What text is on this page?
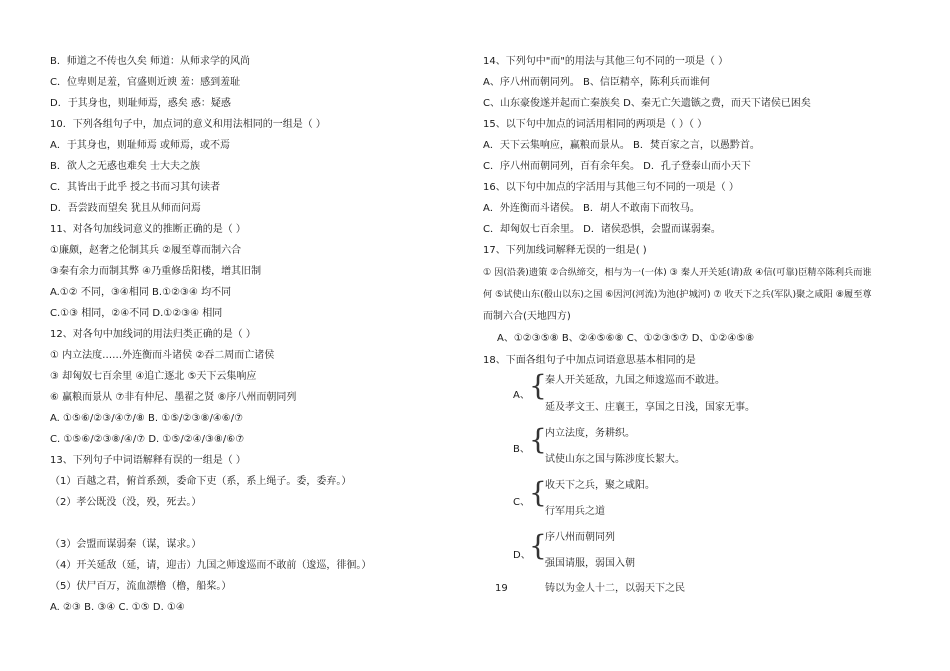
B．师道之不传也久矣 师道：从师求学的风尚
C．位卑则足羞，官盛则近谀 羞：感到羞耻
D．于其身也，则耻师焉，惑矣 惑：疑惑
10．下列各组句子中，加点词的意义和用法相同的一组是（ ）
A．于其身也，则耻师焉 或师焉，或不焉
B．欲人之无惑也难矣 士大夫之族
C．其皆出于此乎 授之书而习其句读者
D．吾尝跂而望矣 犹且从师而问焉
11、对各句加线词意义的推断正确的是（ ）
①廉颇，赵奢之伦制其兵 ②履至尊而制六合
③秦有余力而制其弊 ④乃重修岳阳楼，增其旧制
A.①② 不同，③④相同 B.①②③④ 均不同
C.①③ 相同，②④不同 D.①②③④ 相同
12、对各句中加线词的用法归类正确的是（ ）
① 内立法度……外连衡而斗诸侯 ②吞二周而亡诸侯
③ 却匈奴七百余里 ④追亡逐北 ⑤天下云集响应
⑥ 赢粮而景从 ⑦非有仲尼、墨翟之贤 ⑧序八州而朝同列
A. ①⑤⑥/②③/④⑦/⑧ B. ①⑤/②③⑧/④⑥/⑦
C. ①⑤⑥/②③⑧/④/⑦ D. ①⑤/②④/③⑧/⑥⑦
13、下列句子中词语解释有误的一组是（ ）
（1）百越之君，俯首系颈，委命下吏（系，系上绳子。委，委弃。）
（2）孝公既没（没，殁，死去。）
（3）会盟而谋弱秦（谋，谋求。）
（4）开关延敌（延，请，迎击）九国之师逡巡而不敢前（逡巡，徘徊。）
（5）伏尸百万，流血漂橹（橹，船桨。）
A. ②③ B. ③④ C. ①⑤ D. ①④
14、下列句中"而"的用法与其他三句不同的一项是（ ）
A、序八州而朝同列。 B、信臣精卒，陈利兵而谁何
C、山东豪俊遂并起而亡秦族矣 D、秦无亡矢遗镞之费，而天下诸侯已困矣
15、以下句中加点的词活用相同的两项是（ ）（ ）
A．天下云集响应，赢粮而景从。 B．焚百家之言，以愚黔首。
C．序八州而朝同列，百有余年矣。 D．孔子登泰山而小天下
16、以下句中加点的字活用与其他三句不同的一项是（ ）
A．外连衡而斗诸侯。 B．胡人不敢南下而牧马。
C．却匈奴七百余里。 D．诸侯恐惧，会盟而谋弱秦。
17、下列加线词解释无误的一组是( )
① 因(沿袭)遗策 ②合纵缔交，相与为一(一体) ③ 秦人开关延(请)敌 ④信(可靠)臣精卒陈利兵而谁
何 ⑤试使山东(殽山以东)之国 ⑥因河(河流)为池(护城河) ⑦ 收天下之兵(军队)聚之咸阳 ⑧履至尊
而制六合(天地四方)
A、①②③⑤⑧ B、②④⑤⑥⑧ C、①②③⑤⑦ D、①②④⑤⑧
18、下面各组句子中加点词语意思基本相同的是
A、 {
秦人开关延敌，九国之师逡巡而不敢进。
延及孝文王、庄襄王，享国之日浅，国家无事。
B、 {
内立法度，务耕织。
试使山东之国与陈涉度长絜大。
C、 {
收天下之兵，聚之咸阳。
行军用兵之道
D、
{
序八州而朝同列
强国请服，弱国入朝
19	铸以为金人十二，以弱天下之民
